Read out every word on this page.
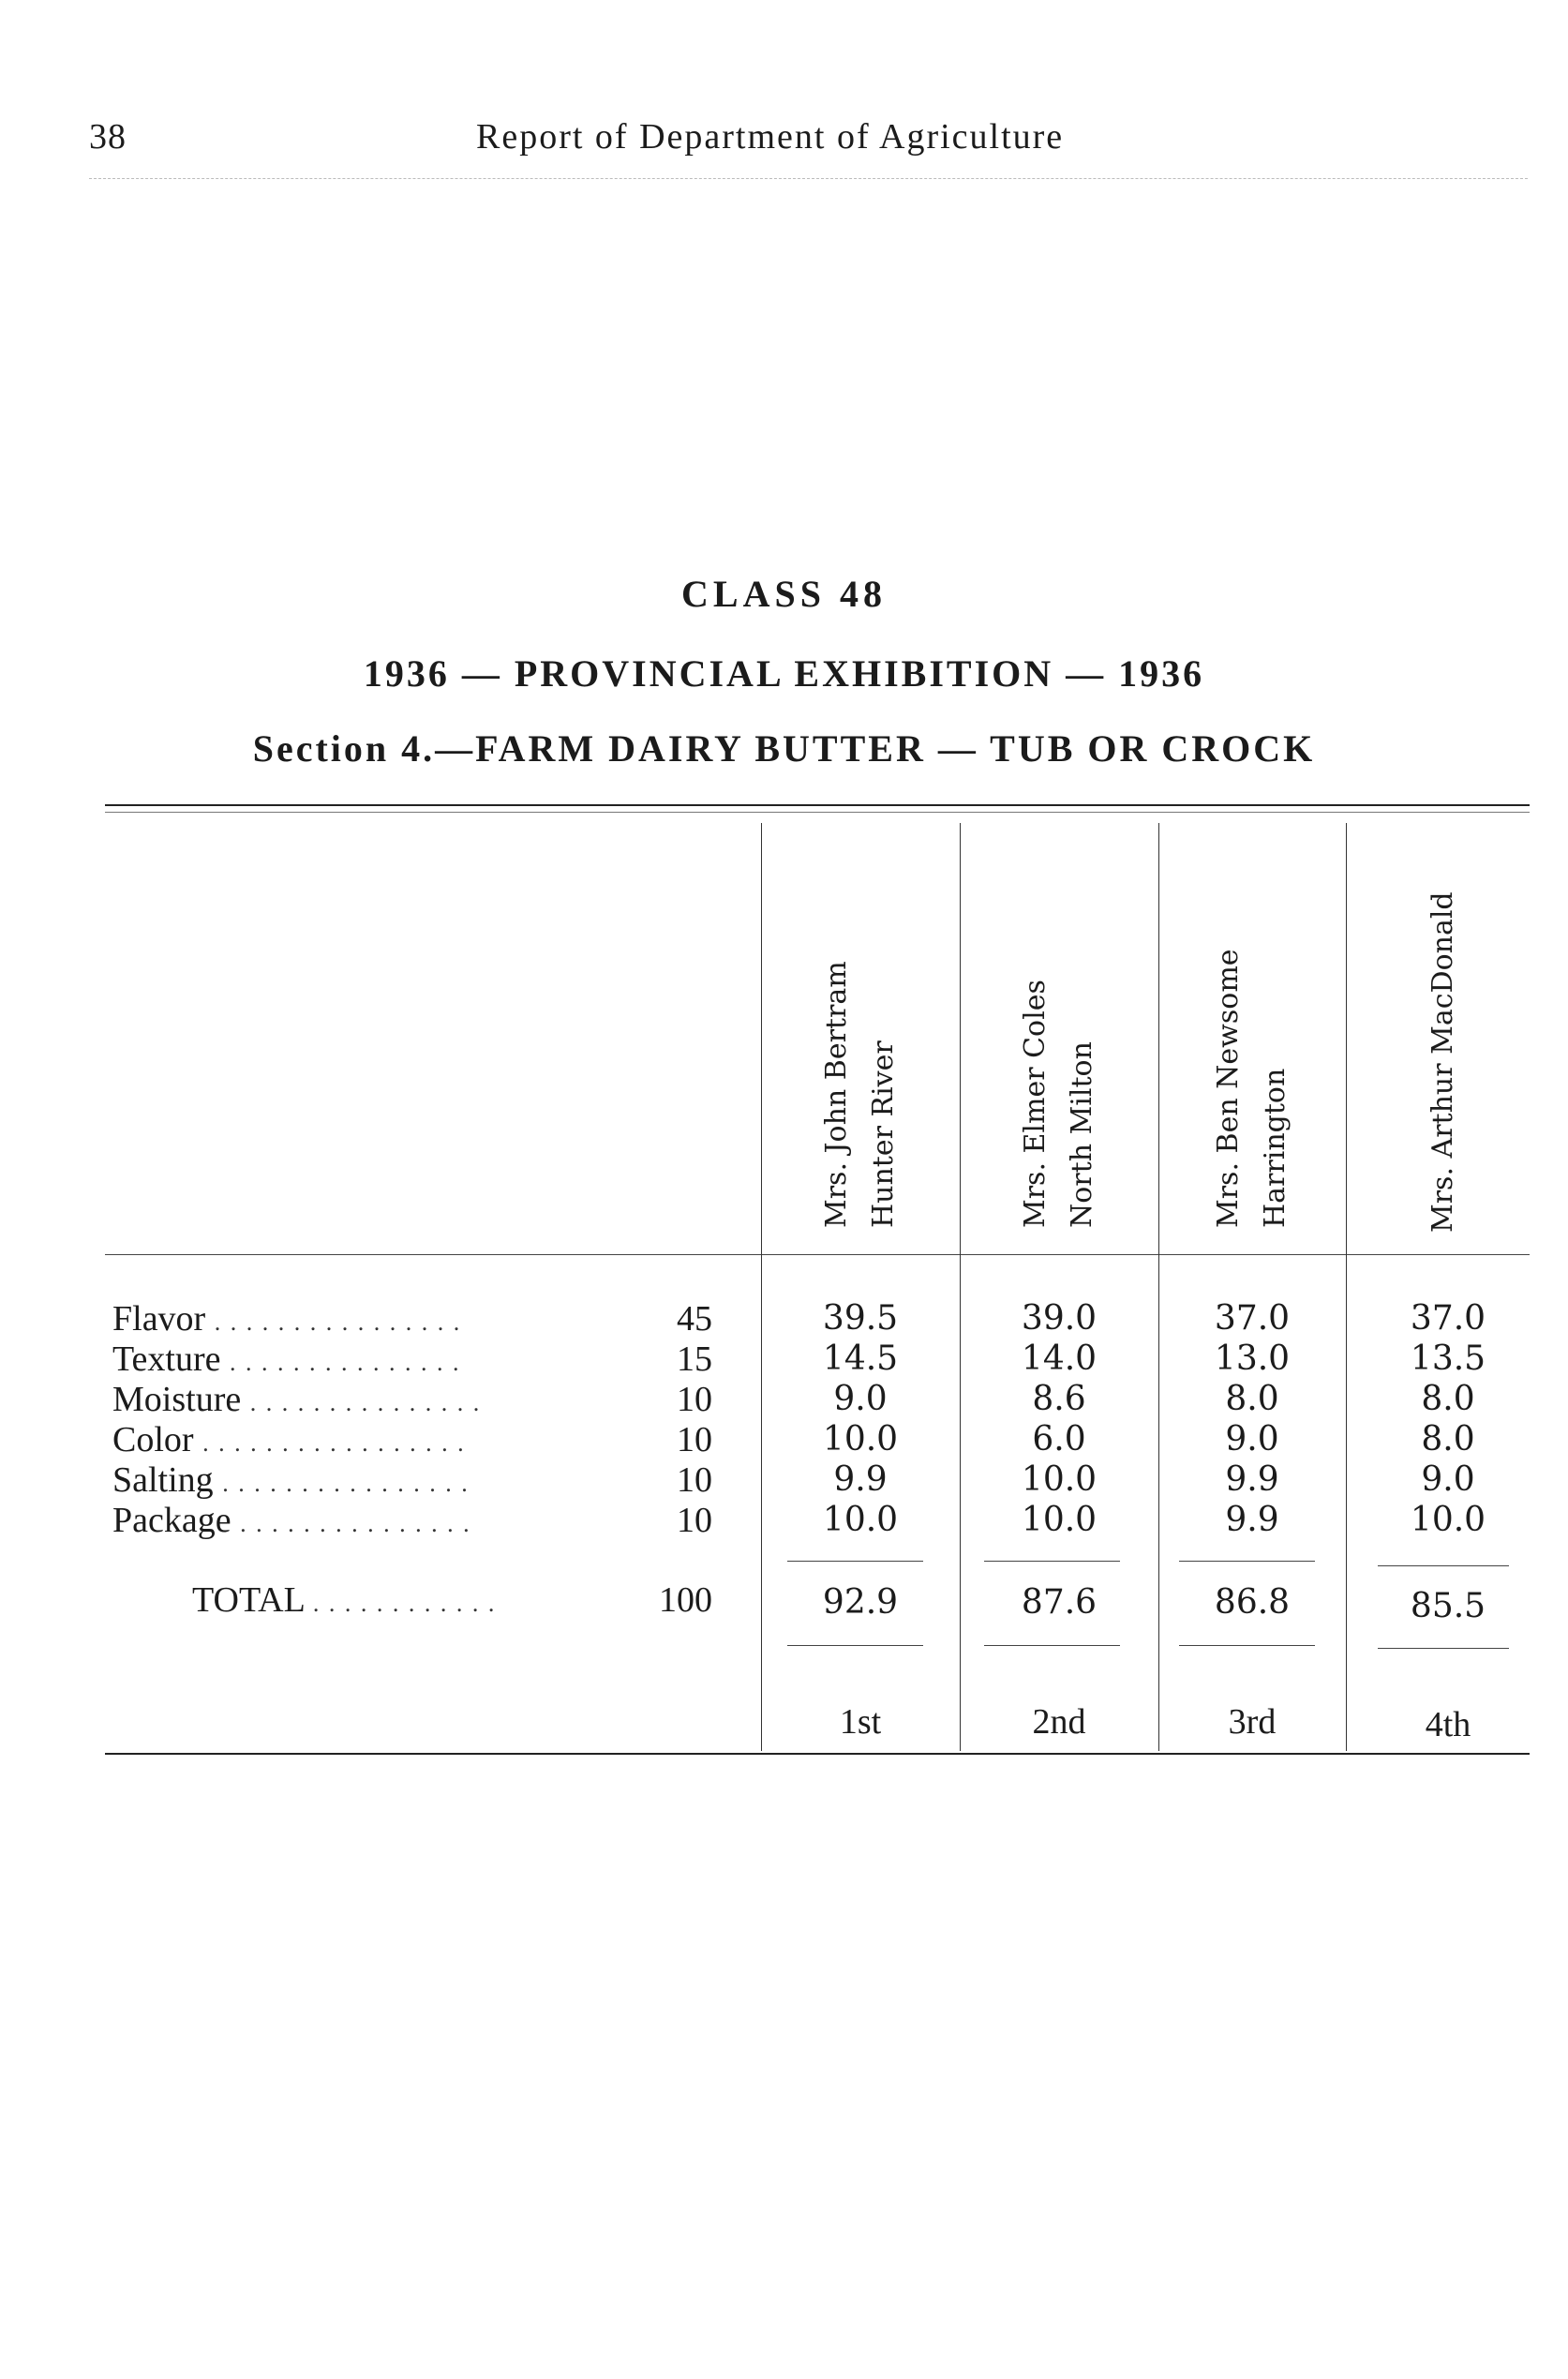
38	Report of Department of Agriculture
CLASS 48
1936 — PROVINCIAL EXHIBITION — 1936
Section 4.—FARM DAIRY BUTTER — TUB OR CROCK
Mrs. John Bertram Hunter River	Mrs. Elmer Coles North Milton	Mrs. Ben Newsome Harrington	Mrs. Arthur MacDonald
Flavor . . . . . . . . . . . . . . . .	45	39.5	39.0	37.0	37.0
Texture . . . . . . . . . . . . . . .	15	14.5	14.0	13.0	13.5
Moisture . . . . . . . . . . . . . . .	10	9.0	8.6	8.0	8.0
Color . . . . . . . . . . . . . . . . .	10	10.0	6.0	9.0	8.0
Salting . . . . . . . . . . . . . . . .	10	9.9	10.0	9.9	9.0
Package . . . . . . . . . . . . . . .	10	10.0	10.0	9.9	10.0
TOTAL . . . . . . . . . . . .	100	92.9	87.6	86.8	85.5
1st	2nd	3rd	4th
